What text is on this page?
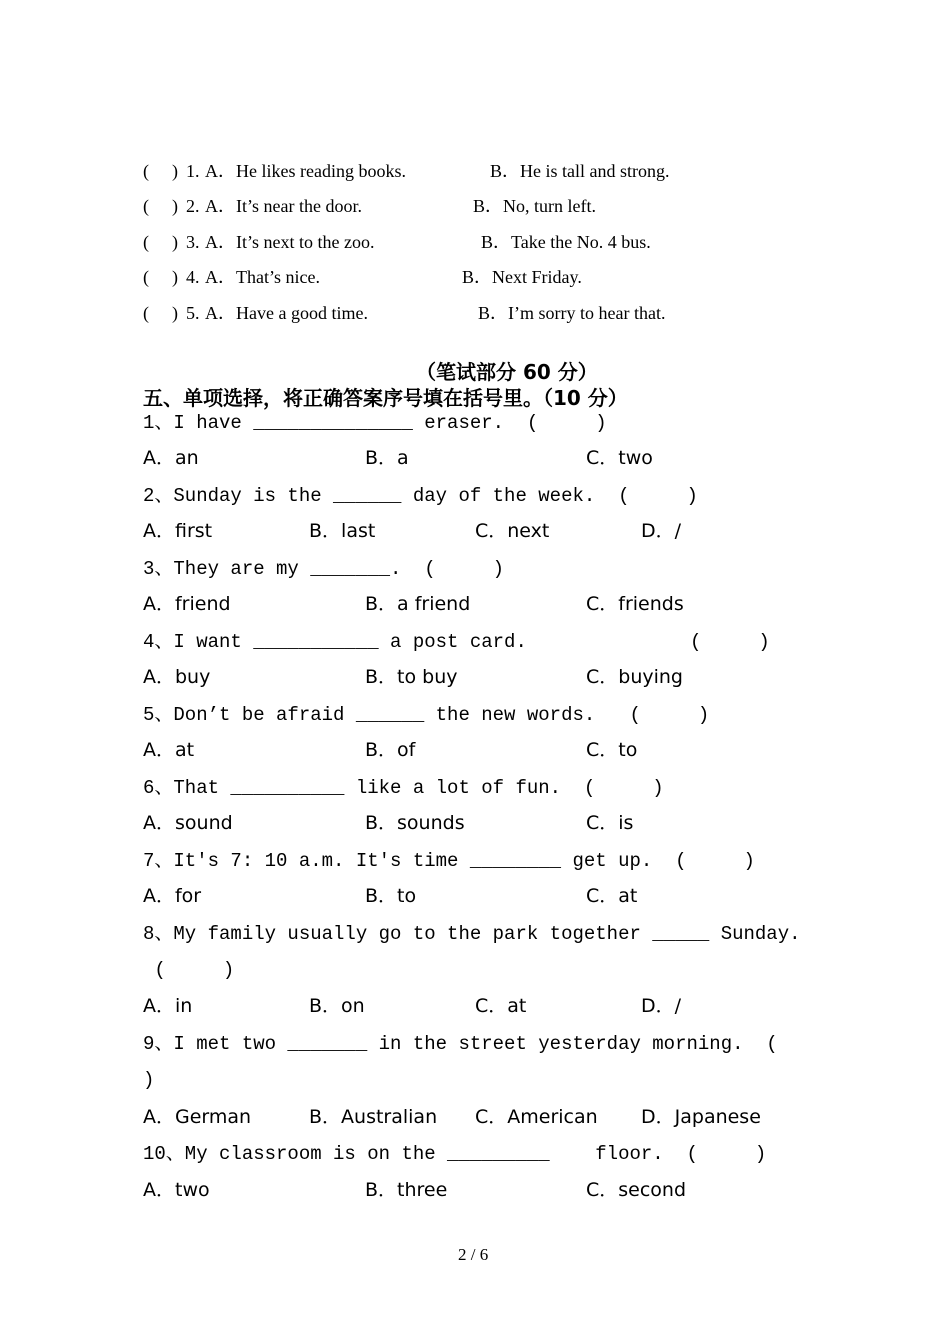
( ) 1. A．He likes reading books.	B．He is tall and strong.
( ) 2. A．It’s near the door.	B．No, turn left.
( ) 3. A．It’s next to the zoo.	B．Take the No. 4 bus.
( ) 4. A．That’s nice.	B．Next Friday.
( ) 5. A．Have a good time.	B．I’m sorry to hear that.
（笔试部分 60 分）
五、单项选择，将正确答案序号填在括号里。（10 分）
1、I have ______________ eraser.  (     )
A．an	B．a	C．two
2、Sunday is the ______ day of the week.  (     )
A．first	B．last	C．next	D．/
3、They are my _______.  (     )
A．friend	B．a friend	C．friends
4、I want ___________ a post card.	(     )
A．buy	B．to buy	C．buying
5、Don’t be afraid ______ the new words.   (     )
A．at	B．of	C．to
6、That __________ like a lot of fun.  (     )
A．sound	B．sounds	C．is
7、It's 7: 10 a.m. It's time ________ get up.  (     )
A．for	B．to	C．at
8、My family usually go to the park together _____ Sunday.
(     )
A．in	B．on	C．at	D．/
9、I met two _______ in the street yesterday morning.  (
)
A．German	B．Australian C．American D．Japanese
10、My classroom is on the _________    floor.  (     )
A．two	B．three	C．second
2 / 6
